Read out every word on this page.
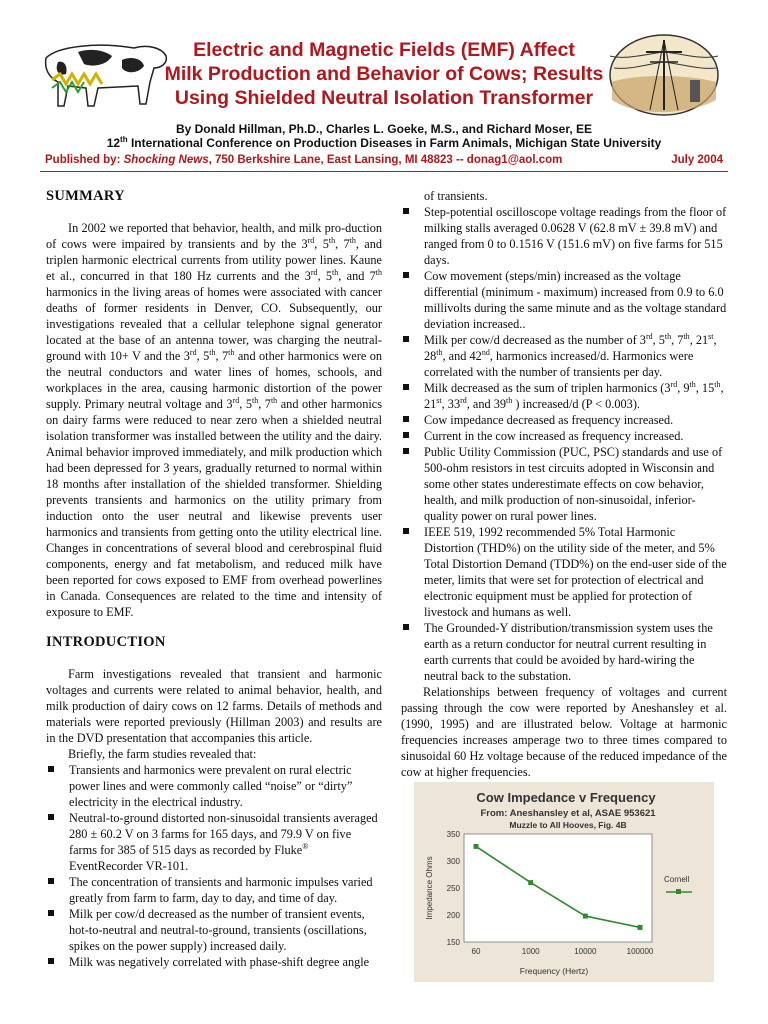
Electric and Magnetic Fields (EMF) Affect
Milk Production and Behavior of Cows; Results
Using Shielded Neutral Isolation Transformer
By Donald Hillman, Ph.D., Charles L. Goeke, M.S., and Richard Moser, EE
12th International Conference on Production Diseases in Farm Animals, Michigan State University
Published by: Shocking News, 750 Berkshire Lane, East Lansing, MI 48823 -- donag1@aol.com	July 2004
SUMMARY

In 2002 we reported that behavior, health, and milk pro-duction of cows were impaired by transients and by the 3rd, 5th, 7th, and triplen harmonic electrical currents from utility power lines. Kaune et al., concurred in that 180 Hz currents and the 3rd, 5th, and 7th harmonics in the living areas of homes were associated with cancer deaths of former residents in Denver, CO. Subsequently, our investigations revealed that a cellular telephone signal generator located at the base of an antenna tower, was charging the neutral-ground with 10+ V and the 3rd, 5th, 7th and other harmonics were on the neutral conductors and water lines of homes, schools, and workplaces in the area, causing harmonic distortion of the power supply. Primary neutral voltage and 3rd, 5th, 7th and other harmonics on dairy farms were reduced to near zero when a shielded neutral isolation transformer was installed between the utility and the dairy. Animal behavior improved immediately, and milk production which had been depressed for 3 years, gradually returned to normal within 18 months after installation of the shielded transformer. Shielding prevents transients and harmonics on the utility primary from induction onto the user neutral and likewise prevents user harmonics and transients from getting onto the utility electrical line. Changes in concentrations of several blood and cerebrospinal fluid components, energy and fat metabolism, and reduced milk have been reported for cows exposed to EMF from overhead powerlines in Canada. Consequences are related to the time and intensity of exposure to EMF.

INTRODUCTION

Farm investigations revealed that transient and harmonic voltages and currents were related to animal behavior, health, and milk production of dairy cows on 12 farms. Details of methods and materials were reported previously (Hillman 2003) and results are in the DVD presentation that accompanies this article.

Briefly, the farm studies revealed that:

Transients and harmonics were prevalent on rural electric power lines and were commonly called “noise” or “dirty” electricity in the electrical industry.
Neutral-to-ground distorted non-sinusoidal transients averaged 280 ± 60.2 V on 3 farms for 165 days, and 79.9 V on five farms for 385 of 515 days as recorded by Fluke® EventRecorder VR-101.
The concentration of transients and harmonic impulses varied greatly from farm to farm, day to day, and time of day.
Milk per cow/d decreased as the number of transient events, hot-to-neutral and neutral-to-ground, transients (oscillations, spikes on the power supply) increased daily.
Milk was negatively correlated with phase-shift degree angle

of transients.

Step-potential oscilloscope voltage readings from the floor of milking stalls averaged 0.0628 V (62.8 mV ± 39.8 mV) and ranged from 0 to 0.1516 V (151.6 mV) on five farms for 515 days.
Cow movement (steps/min) increased as the voltage differential (minimum - maximum) increased from 0.9 to 6.0 millivolts during the same minute and as the voltage standard deviation increased..
Milk per cow/d decreased as the number of 3rd, 5th, 7th, 21st, 28th, and 42nd, harmonics increased/d. Harmonics were correlated with the number of transients per day.
Milk decreased as the sum of triplen harmonics (3rd, 9th, 15th, 21st, 33rd, and 39th ) increased/d (P < 0.003).
Cow impedance decreased as frequency increased.
Current in the cow increased as frequency increased.
Public Utility Commission (PUC, PSC) standards and use of 500-ohm resistors in test circuits adopted in Wisconsin and some other states underestimate effects on cow behavior, health, and milk production of non-sinusoidal, inferior-quality power on rural power lines.
IEEE 519, 1992 recommended 5% Total Harmonic Distortion (THD%) on the utility side of the meter, and 5% Total Distortion Demand (TDD%) on the end-user side of the meter, limits that were set for protection of electrical and electronic equipment must be applied for protection of livestock and humans as well.
The Grounded-Y distribution/transmission system uses the earth as a return conductor for neutral current resulting in earth currents that could be avoided by hard-wiring the neutral back to the substation.

Relationships between frequency of voltages and current passing through the cow were reported by Aneshansley et al. (1990, 1995) and are illustrated below. Voltage at harmonic frequencies increases amperage two to three times compared to sinusoidal 60 Hz voltage because of the reduced impedance of the cow at higher frequencies.

Cow Impedance v Frequency
From: Aneshansley et al, ASAE 953621
Muzzle to All Hooves, Fig. 4B
Frequency (Hertz)
Impedance Ohms
350
300
250
200
150
60	1000	10000	100000
Cornell
